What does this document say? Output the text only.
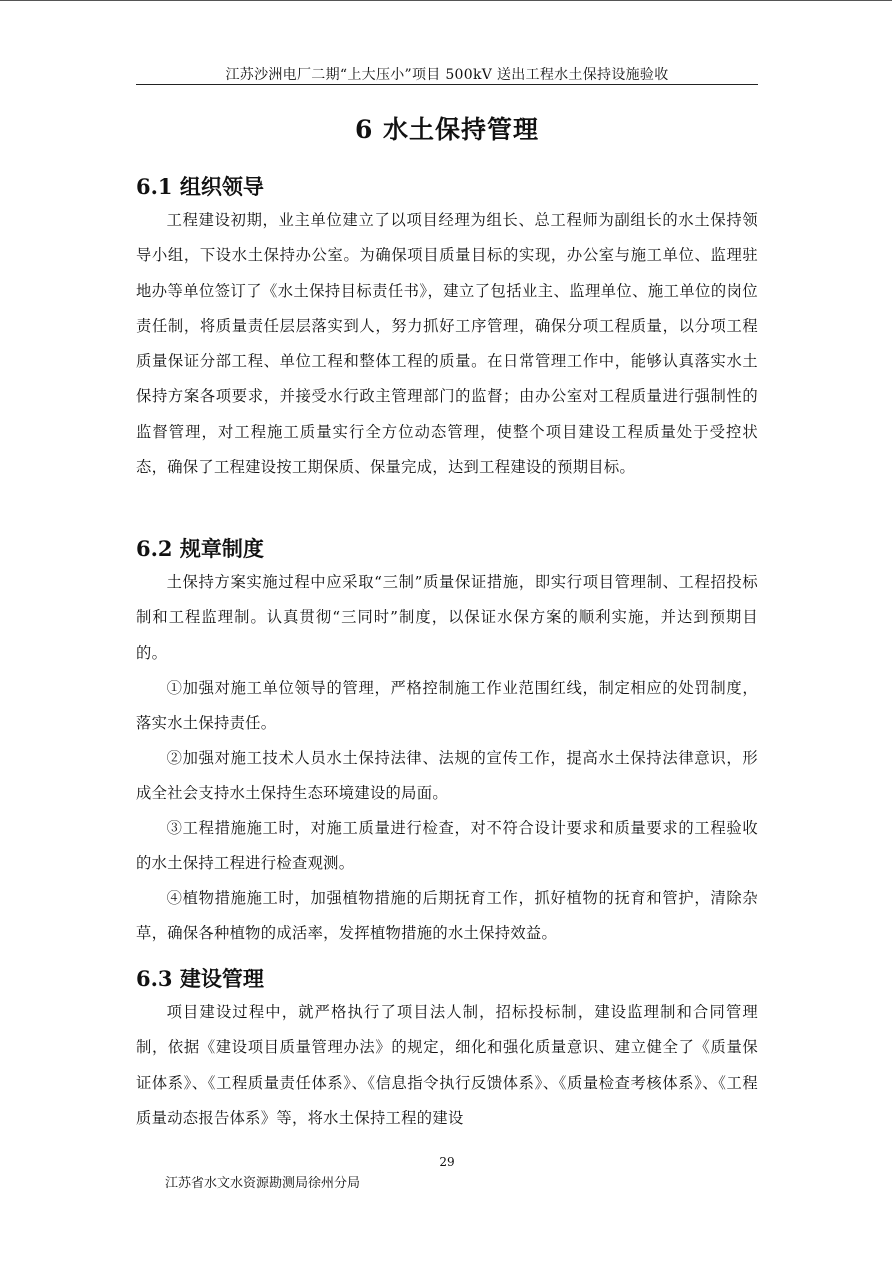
江苏沙洲电厂二期“上大压小”项目 500kV 送出工程水土保持设施验收
6 水土保持管理
6.1 组织领导
工程建设初期，业主单位建立了以项目经理为组长、总工程师为副组长的水土保持领导小组，下设水土保持办公室。为确保项目质量目标的实现，办公室与施工单位、监理驻地办等单位签订了《水土保持目标责任书》，建立了包括业主、监理单位、施工单位的岗位责任制，将质量责任层层落实到人，努力抓好工序管理，确保分项工程质量，以分项工程质量保证分部工程、单位工程和整体工程的质量。在日常管理工作中，能够认真落实水土保持方案各项要求，并接受水行政主管理部门的监督；由办公室对工程质量进行强制性的监督管理，对工程施工质量实行全方位动态管理，使整个项目建设工程质量处于受控状态，确保了工程建设按工期保质、保量完成，达到工程建设的预期目标。
6.2 规章制度
土保持方案实施过程中应采取“三制”质量保证措施，即实行项目管理制、工程招投标制和工程监理制。认真贯彻“三同时”制度，以保证水保方案的顺利实施，并达到预期目的。
①加强对施工单位领导的管理，严格控制施工作业范围红线，制定相应的处罚制度，落实水土保持责任。
②加强对施工技术人员水土保持法律、法规的宣传工作，提高水土保持法律意识，形成全社会支持水土保持生态环境建设的局面。
③工程措施施工时，对施工质量进行检查，对不符合设计要求和质量要求的工程验收的水土保持工程进行检查观测。
④植物措施施工时，加强植物措施的后期抚育工作，抓好植物的抚育和管护，清除杂草，确保各种植物的成活率，发挥植物措施的水土保持效益。
6.3 建设管理
项目建设过程中，就严格执行了项目法人制，招标投标制，建设监理制和合同管理制，依据《建设项目质量管理办法》的规定，细化和强化质量意识、建立健全了《质量保证体系》、《工程质量责任体系》、《信息指令执行反馈体系》、《质量检查考核体系》、《工程质量动态报告体系》等，将水土保持工程的建设
29
江苏省水文水资源勘测局徐州分局
